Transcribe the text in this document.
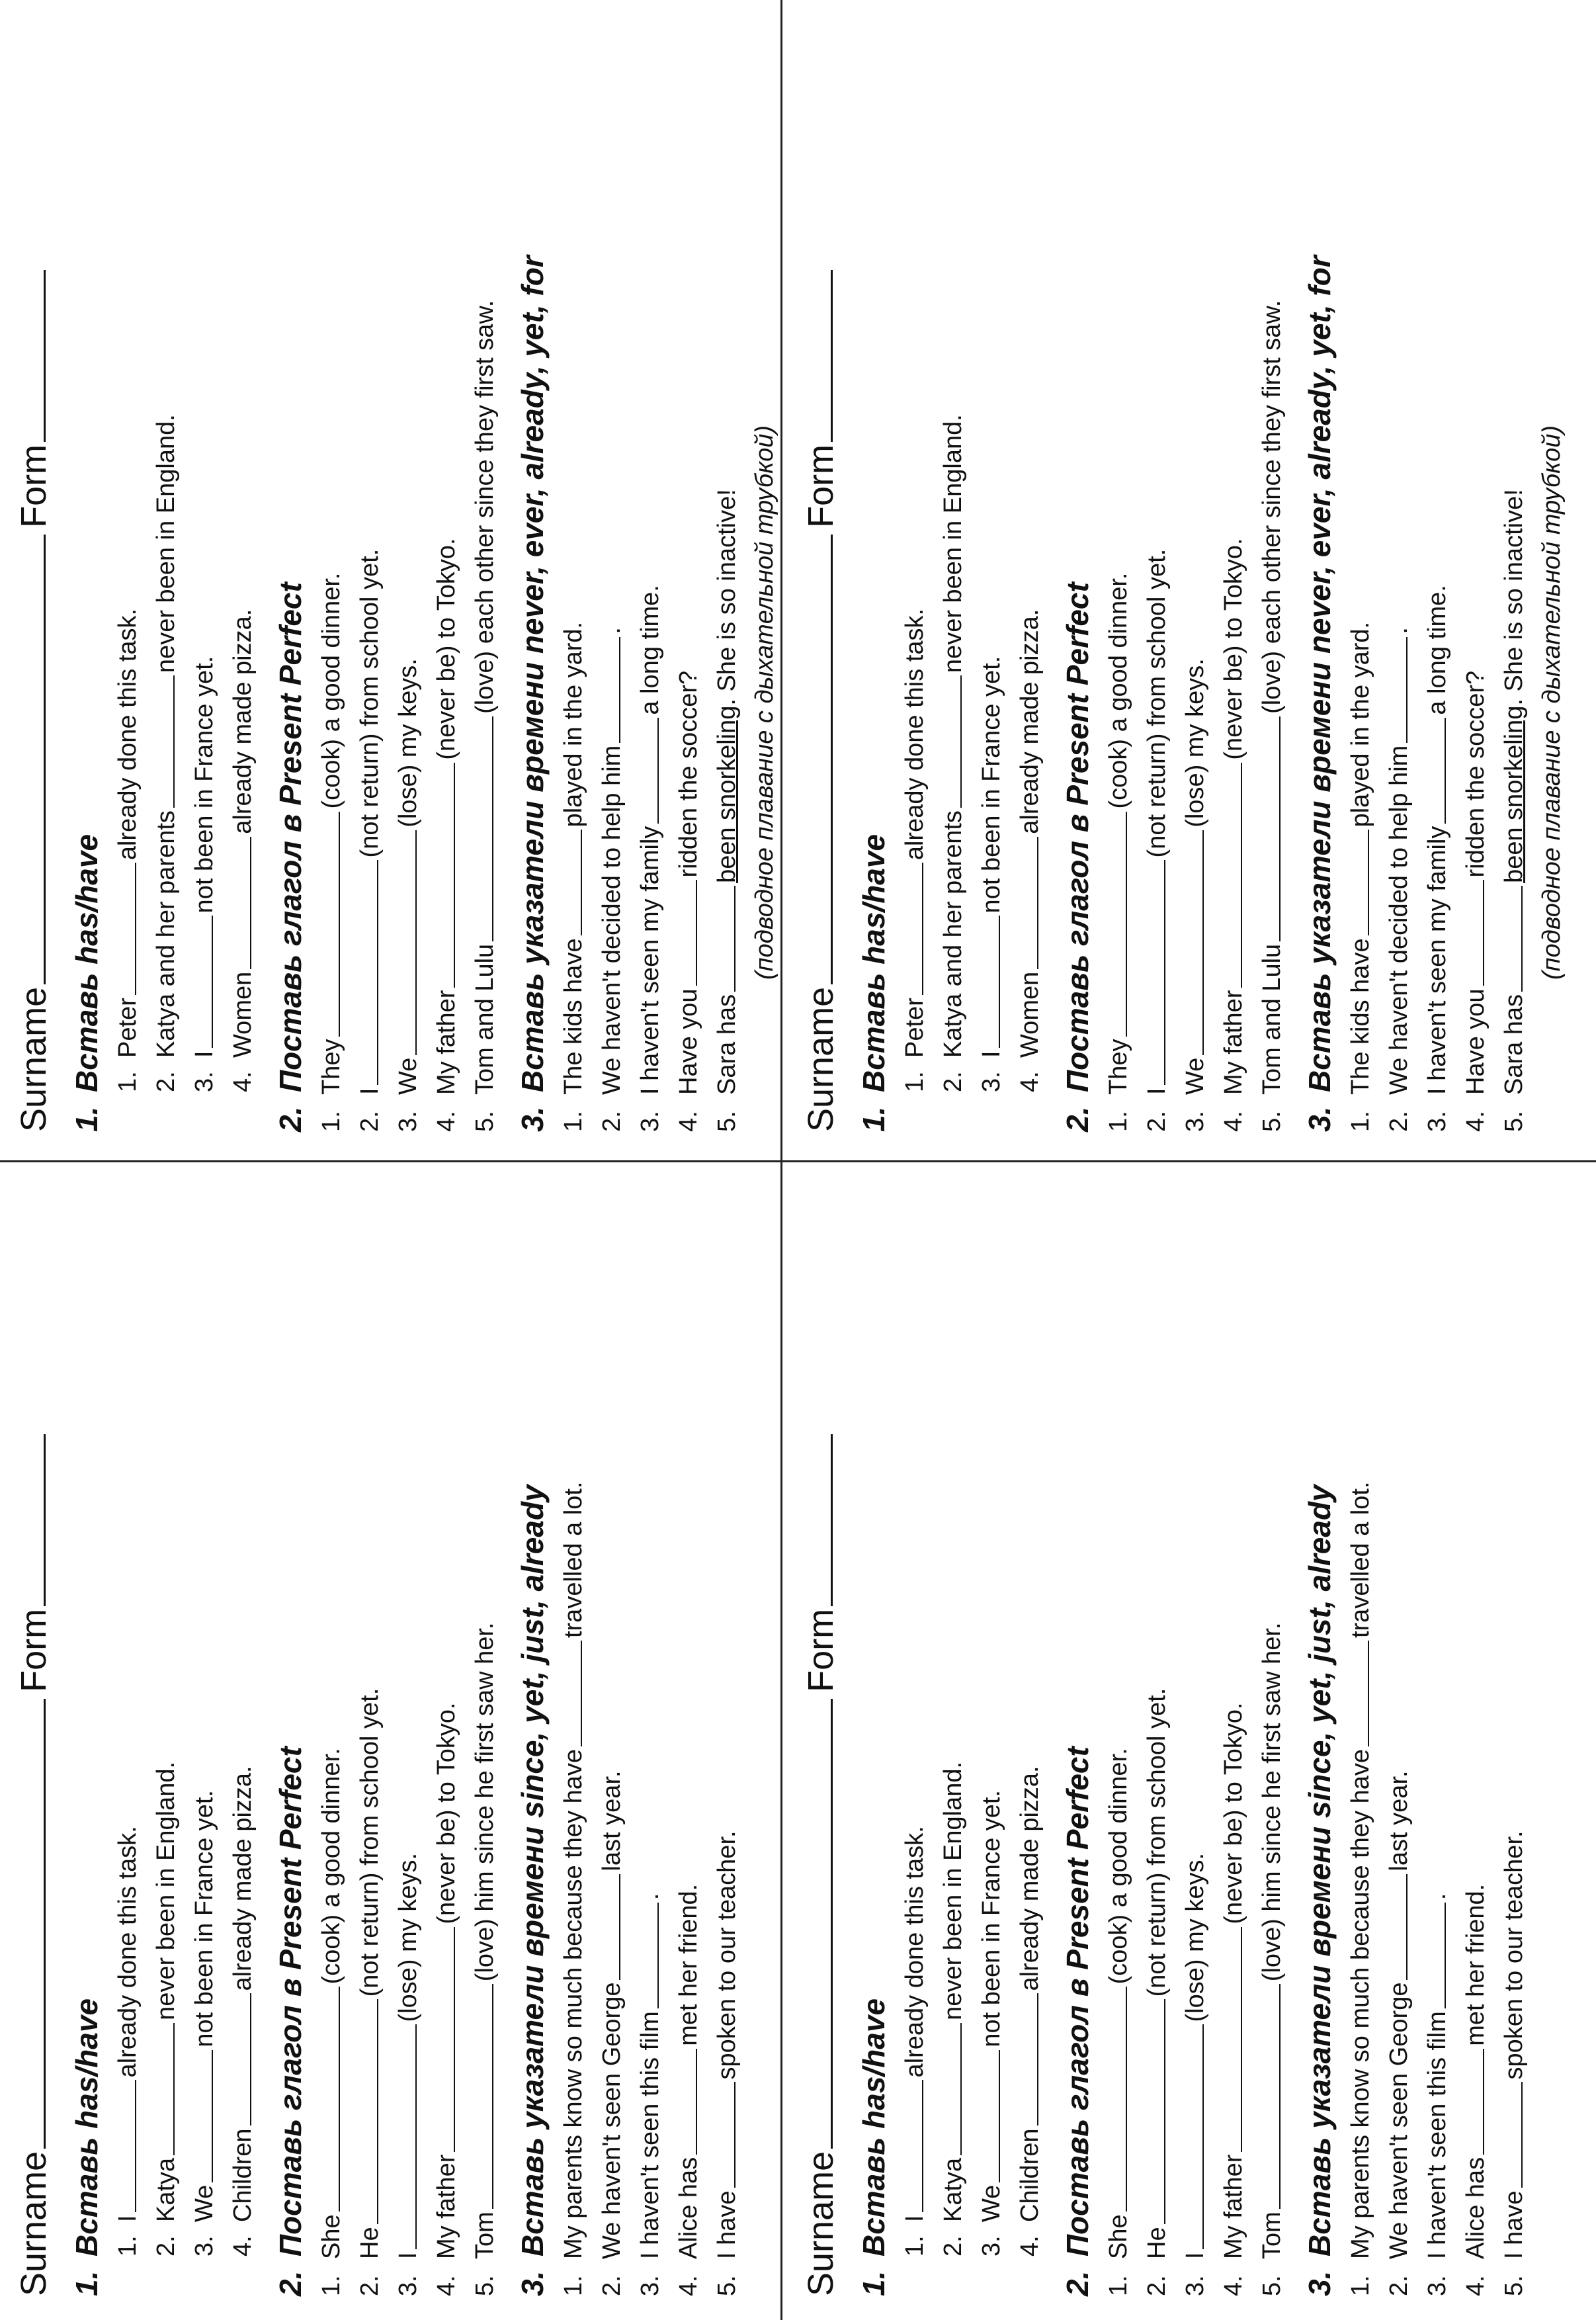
Surname
Form
1.
Вставь has/have 1.
I
already done this task.
2.
Katya
never been in England.
3.
We
not been in France yet.
4.
Children
already made pizza.
2.
Поставь глагол в Present Perfect
1.
She
(cook) a good dinner.
2.
He
(not return) from school yet.
3.
I
(lose) my keys.
4.
My father
(never be) to Tokyo.
5.
Tom
(love) him since he first saw her.
3.
Вставь указатели времени since, yet, just, already
1.
My parents know so much because they have
travelled a lot.
2.
We haven't seen George
last year.
3.
I haven't seen this film
.
4.
Alice has
met her friend.
5.
I have
spoken to our teacher.
Surname
Form
1.
Вставь has/have 1.
Peter
already done this task.
2.
Katya and her parents
never been in England.
3.
I
not been in France yet.
4.
Women
already made pizza.
2.
Поставь глагол в Present Perfect
1.
They
(cook) a good dinner.
2.
I
(not return) from school yet.
3.
We
(lose) my keys.
4.
My father
(never be) to Tokyo.
5.
Tom and Lulu
(love) each other since they first saw.
3.
Вставь указатели времени never, ever, already, yet, for
1.
The kids have
played in the yard.
2.
We haven't decided to help him
.
3.
I haven't seen my family
a long time.
4.
Have you
ridden the soccer?
5.
Sara has
been snorkeling. She is so inactive! (подводное плавание с дыхательной трубкой)
Surname
Form
1.
Вставь has/have 1.
I
already done this task.
2.
Katya
never been in England.
3.
We
not been in France yet.
4.
Children
already made pizza.
2.
Поставь глагол в Present Perfect
1.
She
(cook) a good dinner.
2.
He
(not return) from school yet.
3.
I
(lose) my keys.
4.
My father
(never be) to Tokyo.
5.
Tom
(love) him since he first saw her.
3.
Вставь указатели времени since, yet, just, already
1.
My parents know so much because they have
travelled a lot.
2.
We haven't seen George
last year.
3.
I haven't seen this film
.
4.
Alice has
met her friend.
5.
I have
spoken to our teacher.
Surname
Form
1.
Вставь has/have 1.
Peter
already done this task.
2.
Katya and her parents
never been in England.
3.
I
not been in France yet.
4.
Women
already made pizza.
2.
Поставь глагол в Present Perfect
1.
They
(cook) a good dinner.
2.
I
(not return) from school yet.
3.
We
(lose) my keys.
4.
My father
(never be) to Tokyo.
5.
Tom and Lulu
(love) each other since they first saw.
3.
Вставь указатели времени never, ever, already, yet, for
1.
The kids have
played in the yard.
2.
We haven't decided to help him
.
3.
I haven't seen my family
a long time.
4.
Have you
ridden the soccer?
5.
Sara has
been snorkeling. She is so inactive! (подводное плавание с дыхательной трубкой)
